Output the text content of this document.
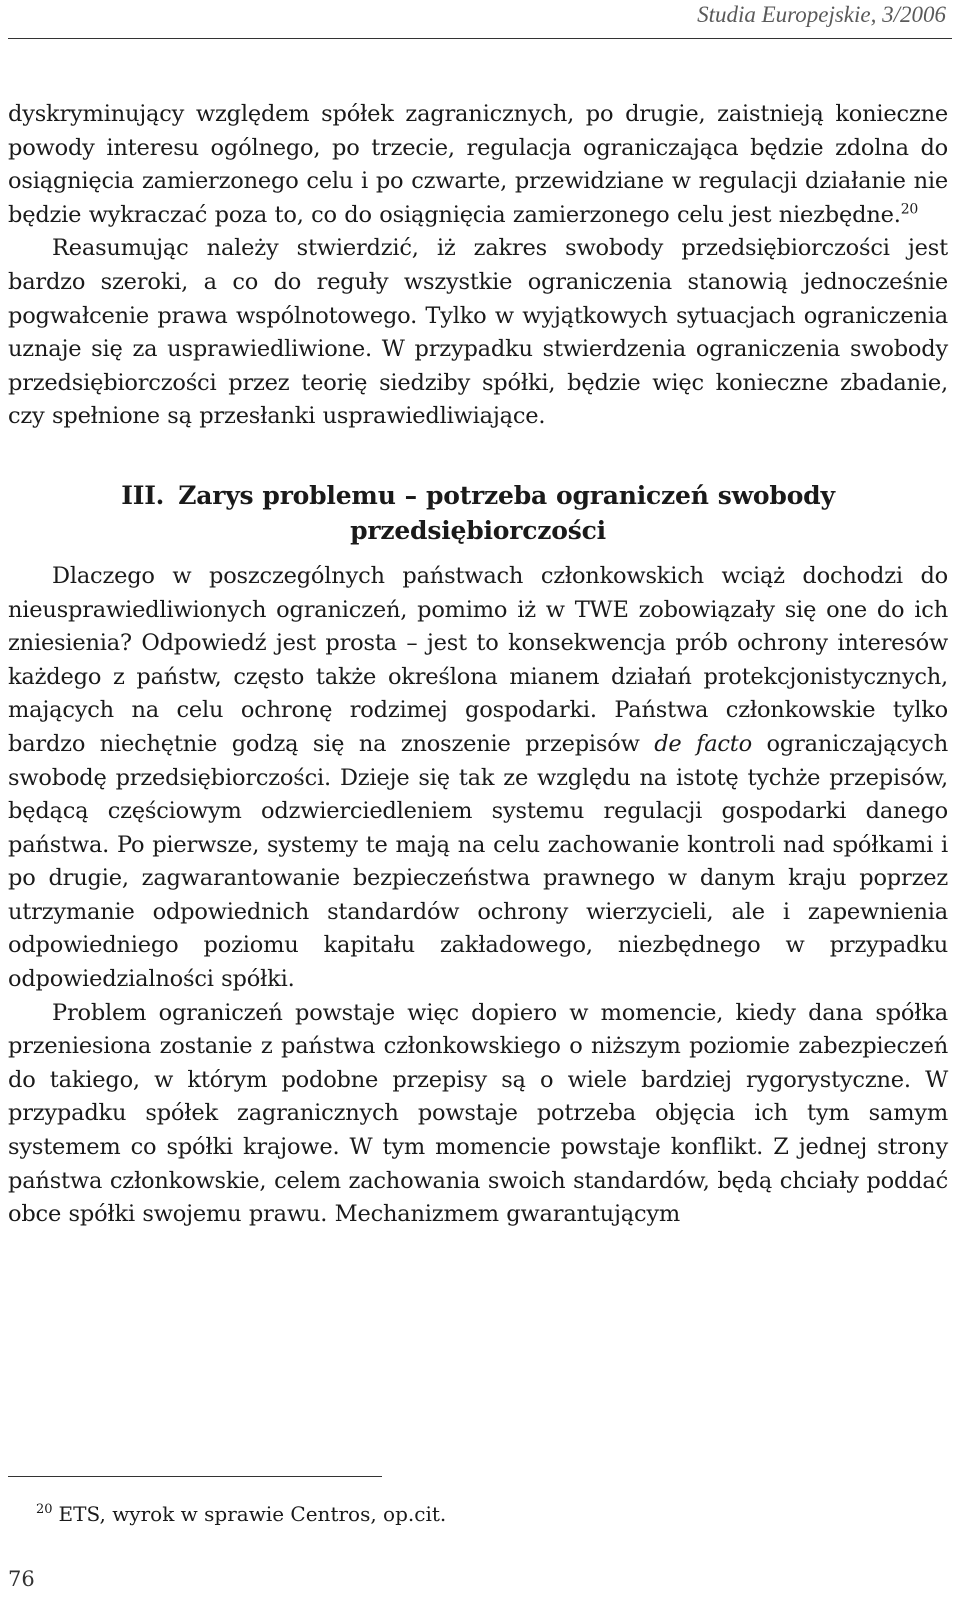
Studia Europejskie, 3/2006

dyskryminujący względem spółek zagranicznych, po drugie, zaistnieją konieczne powody interesu ogólnego, po trzecie, regulacja ograniczająca będzie zdolna do osiągnięcia zamierzonego celu i po czwarte, przewidziane w regulacji działanie nie będzie wykraczać poza to, co do osiągnięcia zamierzonego celu jest niezbędne.$^{20}$

Reasumując należy stwierdzić, iż zakres swobody przedsiębiorczości jest bardzo szeroki, a co do reguły wszystkie ograniczenia stanowią jednocześnie pogwałcenie prawa wspólnotowego. Tylko w wyjątkowych sytuacjach ograniczenia uznaje się za usprawiedliwione. W przypadku stwierdzenia ograniczenia swobody przedsiębiorczości przez teorię siedziby spółki, będzie więc konieczne zbadanie, czy spełnione są przesłanki usprawiedliwiające.

III. Zarys problemu – potrzeba ograniczeń swobody przedsiębiorczości

Dlaczego w poszczególnych państwach członkowskich wciąż dochodzi do nieusprawiedliwionych ograniczeń, pomimo iż w TWE zobowiązały się one do ich zniesienia? Odpowiedź jest prosta – jest to konsekwencja prób ochrony interesów każdego z państw, często także określona mianem działań protekcjonistycznych, mających na celu ochronę rodzimej gospodarki. Państwa członkowskie tylko bardzo niechętnie godzą się na znoszenie przepisów de facto ograniczających swobodę przedsiębiorczości. Dzieje się tak ze względu na istotę tychże przepisów, będącą częściowym odzwierciedleniem systemu regulacji gospodarki danego państwa. Po pierwsze, systemy te mają na celu zachowanie kontroli nad spółkami i po drugie, zagwarantowanie bezpieczeństwa prawnego w danym kraju poprzez utrzymanie odpowiednich standardów ochrony wierzycieli, ale i zapewnienia odpowiedniego poziomu kapitału zakładowego, niezbędnego w przypadku odpowiedzialności spółki.

Problem ograniczeń powstaje więc dopiero w momencie, kiedy dana spółka przeniesiona zostanie z państwa członkowskiego o niższym poziomie zabezpieczeń do takiego, w którym podobne przepisy są o wiele bardziej rygorystyczne. W przypadku spółek zagranicznych powstaje potrzeba objęcia ich tym samym systemem co spółki krajowe. W tym momencie powstaje konflikt. Z jednej strony państwa członkowskie, celem zachowania swoich standardów, będą chciały poddać obce spółki swojemu prawu. Mechanizmem gwarantującym

$^{20}$ ETS, wyrok w sprawie Centros, op.cit.
76
